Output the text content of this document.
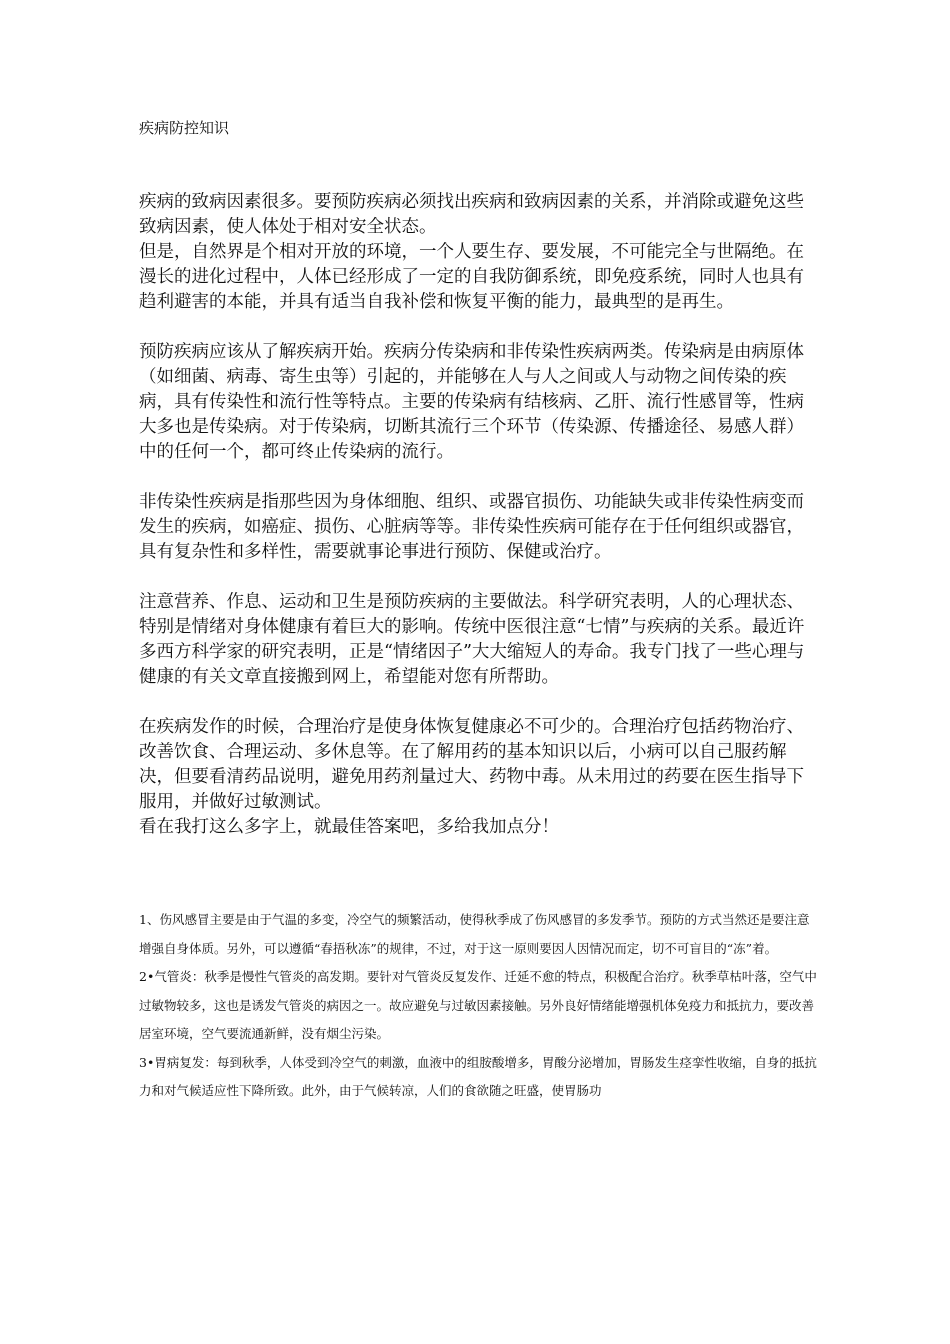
疾病防控知识

疾病的致病因素很多。要预防疾病必须找出疾病和致病因素的关系，并消除或避免这些致病因素，使人体处于相对安全状态。

但是，自然界是个相对开放的环境，一个人要生存、要发展，不可能完全与世隔绝。在漫长的进化过程中，人体已经形成了一定的自我防御系统，即免疫系统，同时人也具有趋利避害的本能，并具有适当自我补偿和恢复平衡的能力，最典型的是再生。

预防疾病应该从了解疾病开始。疾病分传染病和非传染性疾病两类。传染病是由病原体（如细菌、病毒、寄生虫等）引起的，并能够在人与人之间或人与动物之间传染的疾病，具有传染性和流行性等特点。主要的传染病有结核病、乙肝、流行性感冒等，性病大多也是传染病。对于传染病，切断其流行三个环节（传染源、传播途径、易感人群）中的任何一个，都可终止传染病的流行。

非传染性疾病是指那些因为身体细胞、组织、或器官损伤、功能缺失或非传染性病变而发生的疾病，如癌症、损伤、心脏病等等。非传染性疾病可能存在于任何组织或器官，具有复杂性和多样性，需要就事论事进行预防、保健或治疗。

注意营养、作息、运动和卫生是预防疾病的主要做法。科学研究表明，人的心理状态、特别是情绪对身体健康有着巨大的影响。传统中医很注意“七情”与疾病的关系。最近许多西方科学家的研究表明，正是“情绪因子”大大缩短人的寿命。我专门找了一些心理与健康的有关文章直接搬到网上，希望能对您有所帮助。

在疾病发作的时候，合理治疗是使身体恢复健康必不可少的。合理治疗包括药物治疗、改善饮食、合理运动、多休息等。在了解用药的基本知识以后，小病可以自己服药解决，但要看清药品说明，避免用药剂量过大、药物中毒。从未用过的药要在医生指导下服用，并做好过敏测试。

看在我打这么多字上，就最佳答案吧，多给我加点分！

1、伤风感冒主要是由于气温的多变，冷空气的频繁活动，使得秋季成了伤风感冒的多发季节。预防的方式当然还是要注意增强自身体质。另外，可以遵循“春捂秋冻”的规律，不过，对于这一原则要因人因情况而定，切不可盲目的“冻”着。

2•气管炎：秋季是慢性气管炎的高发期。要针对气管炎反复发作、迁延不愈的特点，积极配合治疗。秋季草枯叶落，空气中过敏物较多，这也是诱发气管炎的病因之一。故应避免与过敏因素接触。另外良好情绪能增强机体免疫力和抵抗力，要改善居室环境，空气要流通新鲜，没有烟尘污染。

3•胃病复发：每到秋季，人体受到冷空气的刺激，血液中的组胺酸增多，胃酸分泌增加，胃肠发生痉挛性收缩，自身的抵抗力和对气候适应性下降所致。此外，由于气候转凉，人们的食欲随之旺盛，使胃肠功
